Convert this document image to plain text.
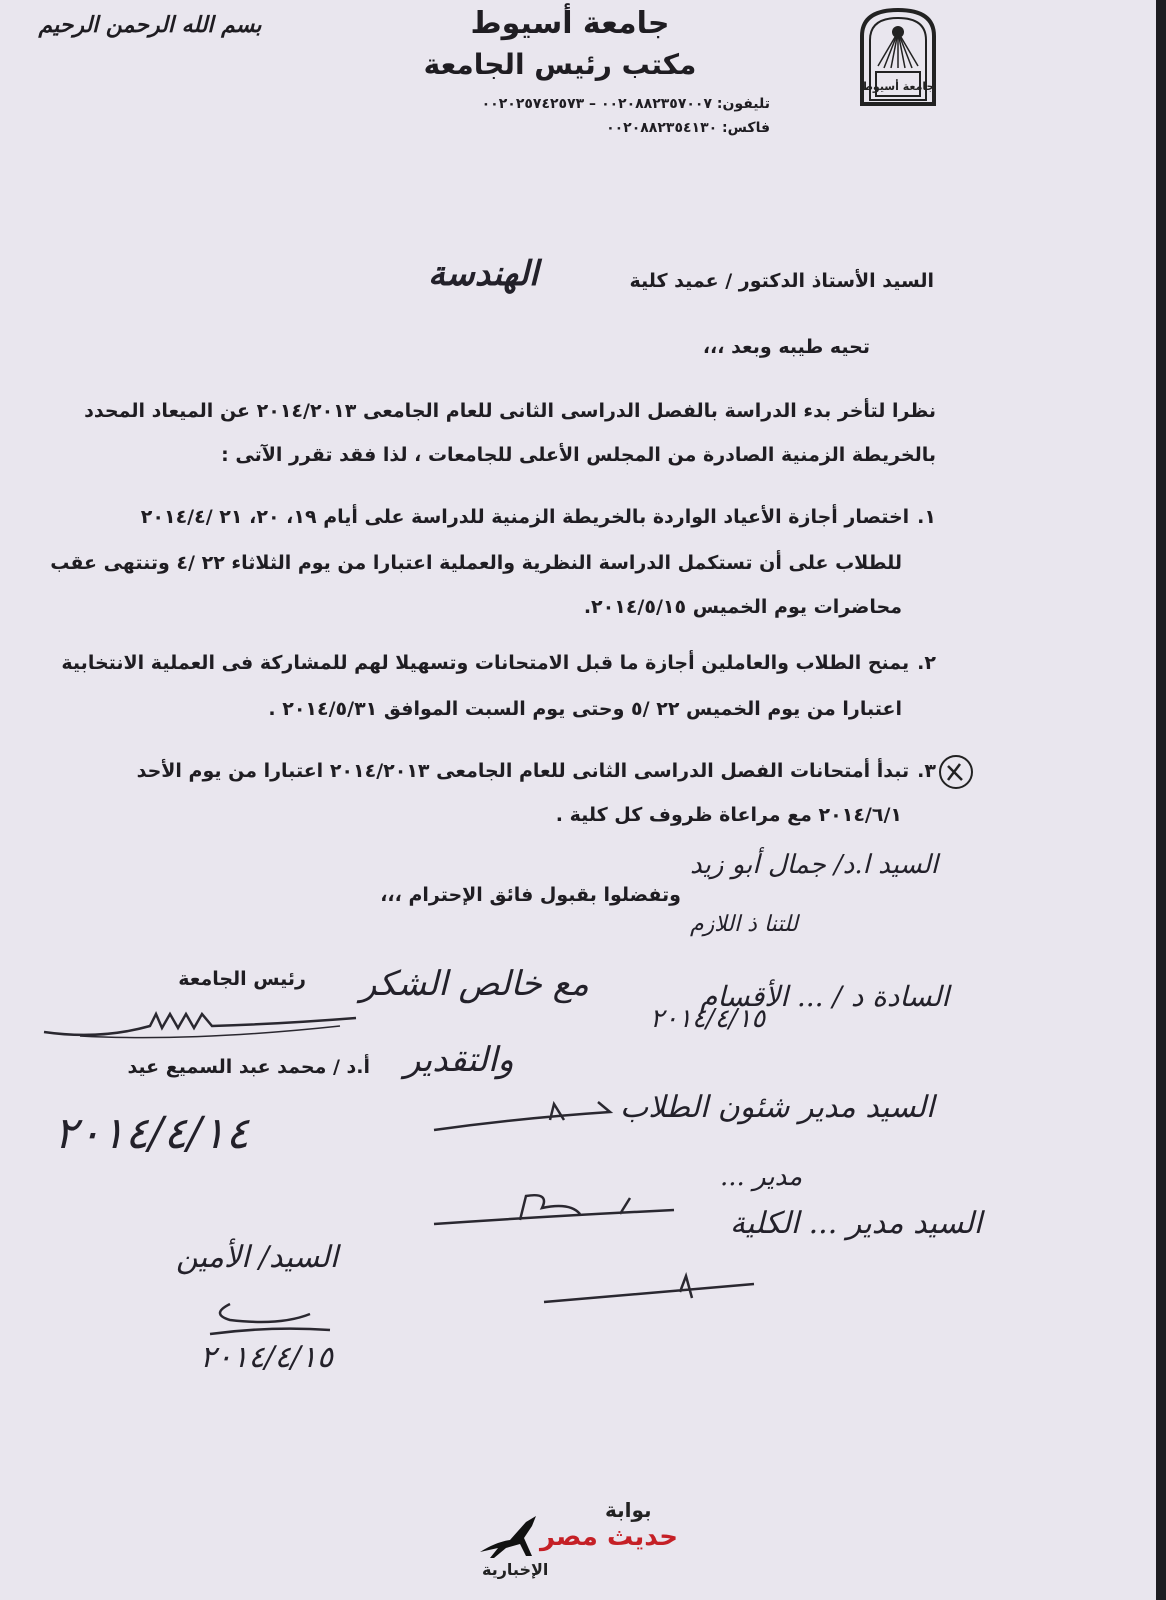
جامعة أسيوط
جامعة أسيوط
مكتب رئيس الجامعة
بسم الله الرحمن الرحيم
تليفون: ٠٠٢٠٨٨٢٣٥٧٠٠٧ – ٠٠٢٠٢٥٧٤٢٥٧٣
فاكس: ٠٠٢٠٨٨٢٣٥٤١٣٠
السيد الأستاذ الدكتور / عميد كلية
الهندسة
تحيه طيبه وبعد ،،،
نظرا لتأخر بدء الدراسة بالفصل الدراسى الثانى للعام الجامعى ٢٠١٤/٢٠١٣ عن الميعاد المحدد
بالخريطة الزمنية الصادرة من المجلس الأعلى للجامعات ، لذا فقد تقرر الآتى :
١.اختصار أجازة الأعياد الواردة بالخريطة الزمنية للدراسة على أيام ١٩، ٢٠، ٢١ /٢٠١٤/٤
للطلاب على أن تستكمل الدراسة النظرية والعملية اعتبارا من يوم الثلاثاء ٢٢ /٤ وتنتهى عقب
محاضرات يوم الخميس ٢٠١٤/٥/١٥.
٢.يمنح الطلاب والعاملين أجازة ما قبل الامتحانات وتسهيلا لهم للمشاركة فى العملية الانتخابية
اعتبارا من يوم الخميس ٢٢ /٥ وحتى يوم السبت الموافق ٢٠١٤/٥/٣١ .
٣.تبدأ أمتحانات الفصل الدراسى الثانى للعام الجامعى ٢٠١٤/٢٠١٣ اعتبارا من يوم الأحد
٢٠١٤/٦/١ مع مراعاة ظروف كل كلية .
وتفضلوا بقبول فائق الإحترام ،،،
رئيس الجامعة
أ.د / محمد عبد السميع عيد
٢٠١٤/٤/١٤
السيد ا.د/ جمال أبو زيد
للتنا ذ اللازم
مع خالص الشكر
والتقدير
٢٠١٤/٤/١٥
السادة د / ... الأقسام
السيد مدير شئون الطلاب
مدير ...
السيد مدير ... الكلية
السيد/ الأمين
٢٠١٤/٤/١٥
بوابة
حديث مصر
الإخبارية
